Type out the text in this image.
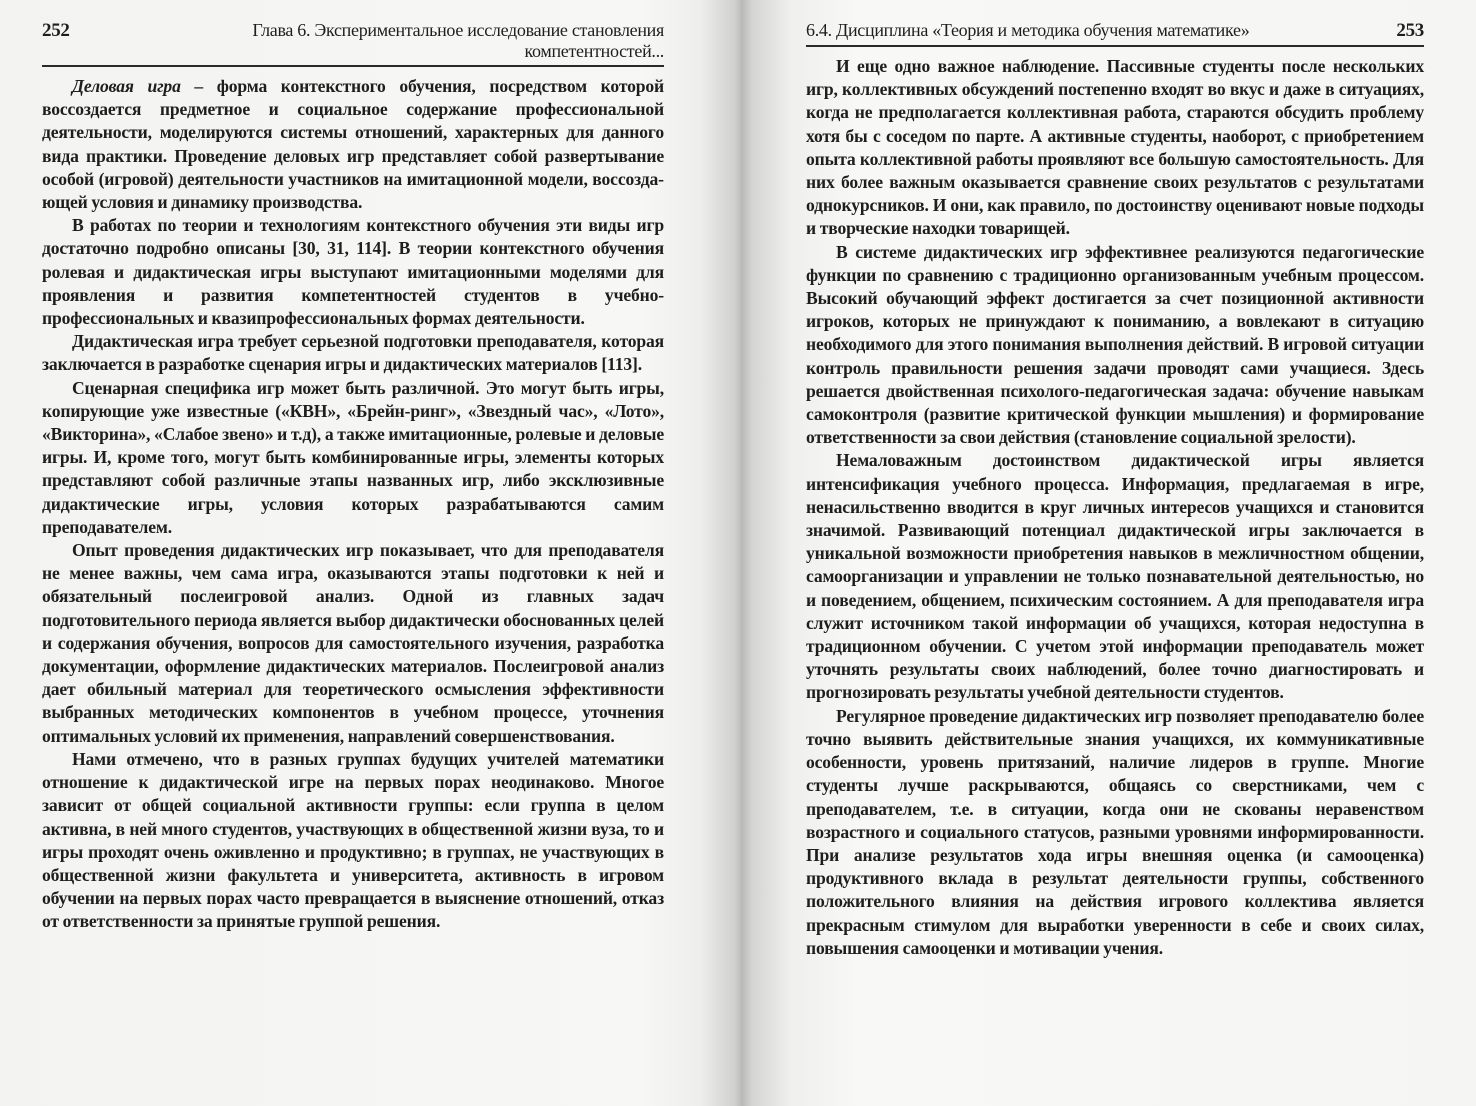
252	Глава 6. Экспериментальное исследование становления компетентностей...

Деловая игра – форма контекстного обучения, посредством которой воссоздается предметное и социальное содержание профессиональной деятельности, моделируются системы отношений, характерных для данного вида практики. Проведение деловых игр представляет собой развертывание особой (игровой) деятельности участников на имитационной модели, воссоздающей условия и динамику производства.

В работах по теории и технологиям контекстного обучения эти виды игр достаточно подробно описаны [30, 31, 114]. В теории контекстного обучения ролевая и дидактическая игры выступают имитационными моделями для проявления и развития компетентностей студентов в учебно-профессиональных и квазипрофессиональных формах деятельности.

Дидактическая игра требует серьезной подготовки преподавателя, которая заключается в разработке сценария игры и дидактических материалов [113].

Сценарная специфика игр может быть различной. Это могут быть игры, копирующие уже известные («КВН», «Брейн-ринг», «Звездный час», «Лото», «Викторина», «Слабое звено» и т.д), а также имитационные, ролевые и деловые игры. И, кроме того, могут быть комбинированные игры, элементы которых представляют собой различные этапы названных игр, либо эксклюзивные дидактические игры, условия которых разрабатываются самим преподавателем.

Опыт проведения дидактических игр показывает, что для преподавателя не менее важны, чем сама игра, оказываются этапы подготовки к ней и обязательный послеигровой анализ. Одной из главных задач подготовительного периода является выбор дидактически обоснованных целей и содержания обучения, вопросов для самостоятельного изучения, разработка документации, оформление дидактических материалов. Послеигровой анализ дает обильный материал для теоретического осмысления эффективности выбранных методических компонентов в учебном процессе, уточнения оптимальных условий их применения, направлений совершенствования.

Нами отмечено, что в разных группах будущих учителей математики отношение к дидактической игре на первых порах неодинаково. Многое зависит от общей социальной активности группы: если группа в целом активна, в ней много студентов, участвующих в общественной жизни вуза, то и игры проходят очень оживленно и продуктивно; в группах, не участвующих в общественной жизни факультета и университета, активность в игровом обучении на первых порах часто превращается в выяснение отношений, отказ от ответственности за принятые группой решения.

6.4. Дисциплина «Теория и методика обучения математике»	253

И еще одно важное наблюдение. Пассивные студенты после нескольких игр, коллективных обсуждений постепенно входят во вкус и даже в ситуациях, когда не предполагается коллективная работа, стараются обсудить проблему хотя бы с соседом по парте. А активные студенты, наоборот, с приобретением опыта коллективной работы проявляют все большую самостоятельность. Для них более важным оказывается сравнение своих результатов с результатами однокурсников. И они, как правило, по достоинству оценивают новые подходы и творческие находки товарищей.

В системе дидактических игр эффективнее реализуются педагогические функции по сравнению с традиционно организованным учебным процессом. Высокий обучающий эффект достигается за счет позиционной активности игроков, которых не принуждают к пониманию, а вовлекают в ситуацию необходимого для этого понимания выполнения действий. В игровой ситуации контроль правильности решения задачи проводят сами учащиеся. Здесь решается двойственная психолого-педагогическая задача: обучение навыкам самоконтроля (развитие критической функции мышления) и формирование ответственности за свои действия (становление социальной зрелости).

Немаловажным достоинством дидактической игры является интенсификация учебного процесса. Информация, предлагаемая в игре, ненасильственно вводится в круг личных интересов учащихся и становится значимой. Развивающий потенциал дидактической игры заключается в уникальной возможности приобретения навыков в межличностном общении, самоорганизации и управлении не только познавательной деятельностью, но и поведением, общением, психическим состоянием. А для преподавателя игра служит источником такой информации об учащихся, которая недоступна в традиционном обучении. С учетом этой информации преподаватель может уточнять результаты своих наблюдений, более точно диагностировать и прогнозировать результаты учебной деятельности студентов.

Регулярное проведение дидактических игр позволяет преподавателю более точно выявить действительные знания учащихся, их коммуникативные особенности, уровень притязаний, наличие лидеров в группе. Многие студенты лучше раскрываются, общаясь со сверстниками, чем с преподавателем, т.е. в ситуации, когда они не скованы неравенством возрастного и социального статусов, разными уровнями информированности. При анализе результатов хода игры внешняя оценка (и самооценка) продуктивного вклада в результат деятельности группы, собственного положительного влияния на действия игрового коллектива является прекрасным стимулом для выработки уверенности в себе и своих силах, повышения самооценки и мотивации учения.
